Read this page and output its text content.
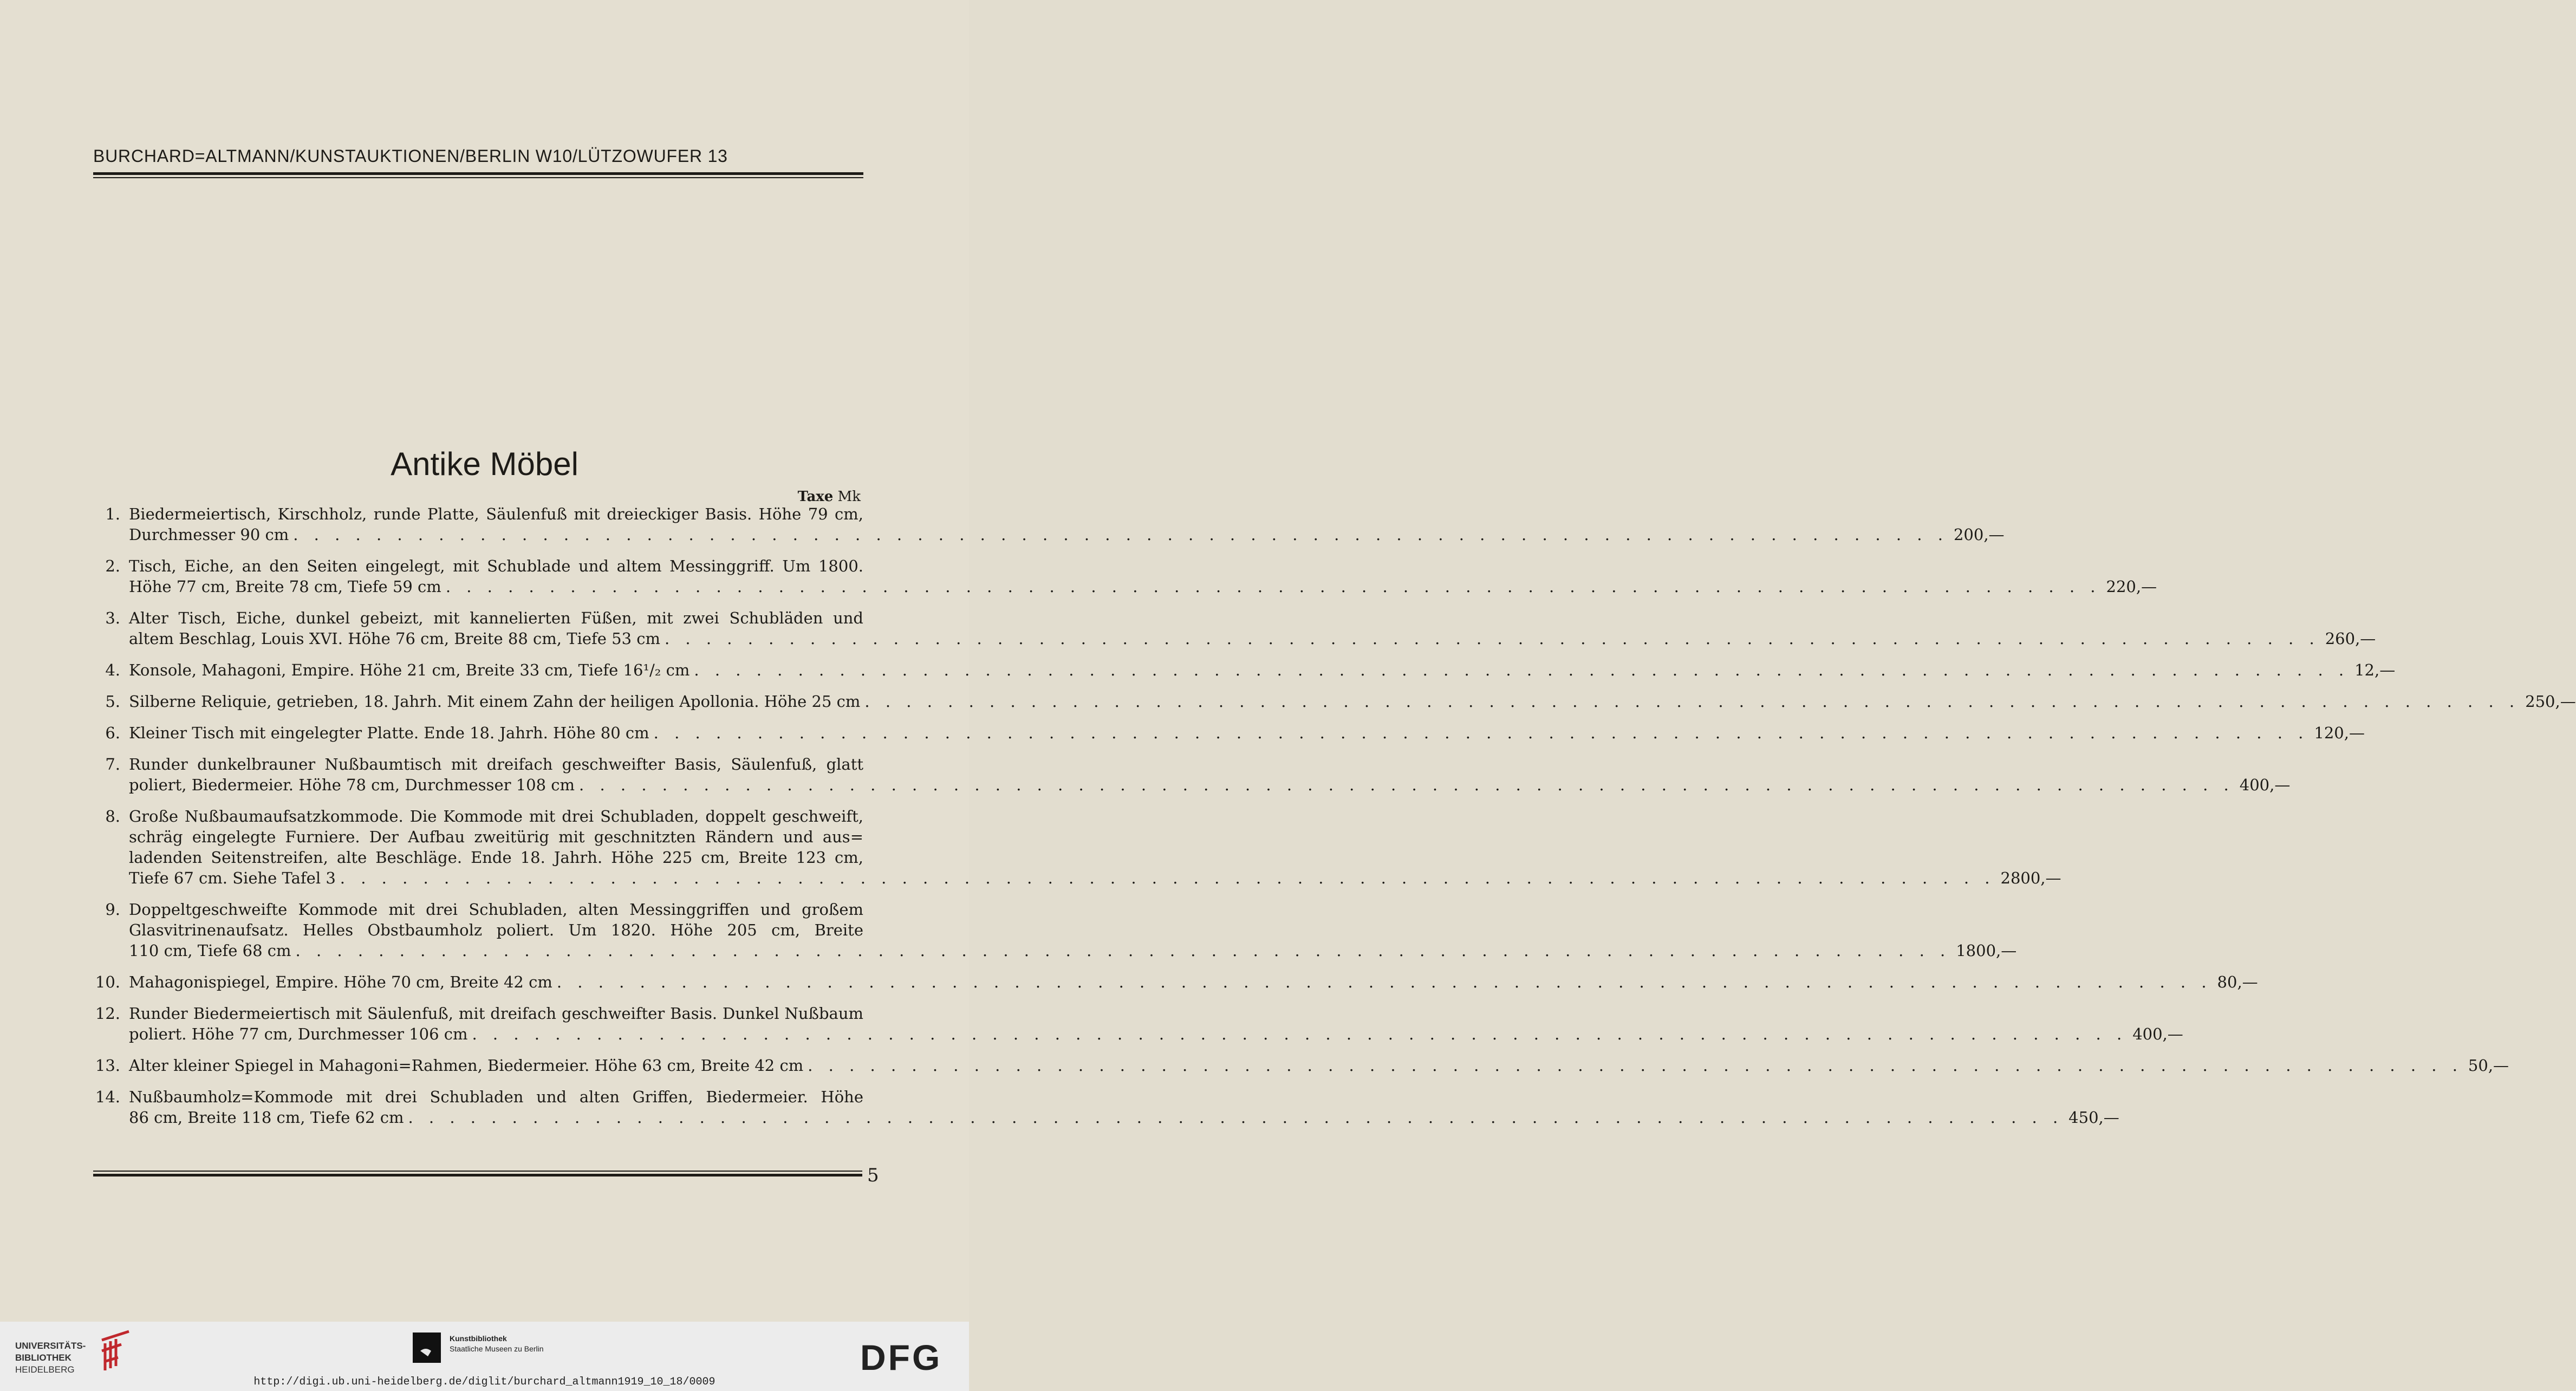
BURCHARD=ALTMANN/KUNSTAUKTIONEN/BERLIN W10/LÜTZOWUFER 13
Antike Möbel
Taxe Mk
1. Biedermeiertisch, Kirschholz, runde Platte, Säulenfuß mit dreieckiger Basis. Höhe 79 cm,
Durchmesser 90 cm . . . . . . . . . . . . . . . . . . . . . . . . . . . . . . . . . . . . . . . . . . . . . . . . . . . . . . . . . . . . . . . . . . . . . . . . . . . . . . . . 200,—
2. Tisch, Eiche, an den Seiten eingelegt, mit Schublade und altem Messinggriff. Um 1800.
Höhe 77 cm, Breite 78 cm, Tiefe 59 cm . . . . . . . . . . . . . . . . . . . . . . . . . . . . . . . . . . . . . . . . . . . . . . . . . . . . . . . . . . . . . . . . . . . . . . . . . . . . . . . . 220,—
3. Alter Tisch, Eiche, dunkel gebeizt, mit kannelierten Füßen, mit zwei Schubläden und
altem Beschlag, Louis XVI. Höhe 76 cm, Breite 88 cm, Tiefe 53 cm . . . . . . . . . . . . . . . . . . . . . . . . . . . . . . . . . . . . . . . . . . . . . . . . . . . . . . . . . . . . . . . . . . . . . . . . . . . . . . . . 260,—
4. Konsole, Mahagoni, Empire. Höhe 21 cm, Breite 33 cm, Tiefe 16¹/₂ cm . . . . . . . . . . . . . . . . . . . . . . . . . . . . . . . . . . . . . . . . . . . . . . . . . . . . . . . . . . . . . . . . . . . . . . . . . . . . . . . . 12,—
5. Silberne Reliquie, getrieben, 18. Jahrh. Mit einem Zahn der heiligen Apollonia. Höhe 25 cm . . . . . . . . . . . . . . . . . . . . . . . . . . . . . . . . . . . . . . . . . . . . . . . . . . . . . . . . . . . . . . . . . . . . . . . . . . . . . . . . 250,—
6. Kleiner Tisch mit eingelegter Platte. Ende 18. Jahrh. Höhe 80 cm . . . . . . . . . . . . . . . . . . . . . . . . . . . . . . . . . . . . . . . . . . . . . . . . . . . . . . . . . . . . . . . . . . . . . . . . . . . . . . . . 120,—
7. Runder dunkelbrauner Nußbaumtisch mit dreifach geschweifter Basis, Säulenfuß, glatt
poliert, Biedermeier. Höhe 78 cm, Durchmesser 108 cm . . . . . . . . . . . . . . . . . . . . . . . . . . . . . . . . . . . . . . . . . . . . . . . . . . . . . . . . . . . . . . . . . . . . . . . . . . . . . . . . 400,—
8. Große Nußbaumaufsatzkommode. Die Kommode mit drei Schubladen, doppelt geschweift,
schräg eingelegte Furniere. Der Aufbau zweitürig mit geschnitzten Rändern und aus=
ladenden Seitenstreifen, alte Beschläge. Ende 18. Jahrh. Höhe 225 cm, Breite 123 cm,
Tiefe 67 cm. Siehe Tafel 3 . . . . . . . . . . . . . . . . . . . . . . . . . . . . . . . . . . . . . . . . . . . . . . . . . . . . . . . . . . . . . . . . . . . . . . . . . . . . . . . . 2800,—
9. Doppeltgeschweifte Kommode mit drei Schubladen, alten Messinggriffen und großem
Glasvitrinenaufsatz. Helles Obstbaumholz poliert. Um 1820. Höhe 205 cm, Breite
110 cm, Tiefe 68 cm . . . . . . . . . . . . . . . . . . . . . . . . . . . . . . . . . . . . . . . . . . . . . . . . . . . . . . . . . . . . . . . . . . . . . . . . . . . . . . . . 1800,—
10. Mahagonispiegel, Empire. Höhe 70 cm, Breite 42 cm . . . . . . . . . . . . . . . . . . . . . . . . . . . . . . . . . . . . . . . . . . . . . . . . . . . . . . . . . . . . . . . . . . . . . . . . . . . . . . . . 80,—
12. Runder Biedermeiertisch mit Säulenfuß, mit dreifach geschweifter Basis. Dunkel Nußbaum
poliert. Höhe 77 cm, Durchmesser 106 cm . . . . . . . . . . . . . . . . . . . . . . . . . . . . . . . . . . . . . . . . . . . . . . . . . . . . . . . . . . . . . . . . . . . . . . . . . . . . . . . . 400,—
13. Alter kleiner Spiegel in Mahagoni=Rahmen, Biedermeier. Höhe 63 cm, Breite 42 cm . . . . . . . . . . . . . . . . . . . . . . . . . . . . . . . . . . . . . . . . . . . . . . . . . . . . . . . . . . . . . . . . . . . . . . . . . . . . . . . . 50,—
14. Nußbaumholz=Kommode mit drei Schubladen und alten Griffen, Biedermeier. Höhe
86 cm, Breite 118 cm, Tiefe 62 cm . . . . . . . . . . . . . . . . . . . . . . . . . . . . . . . . . . . . . . . . . . . . . . . . . . . . . . . . . . . . . . . . . . . . . . . . . . . . . . . . 450,—
5
UNIVERSITÄTS-
BIBLIOTHEK
HEIDELBERG
Kunstbibliothek
Staatliche Museen zu Berlin	DFG
http://digi.ub.uni-heidelberg.de/diglit/burchard_altmann1919_10_18/0009
